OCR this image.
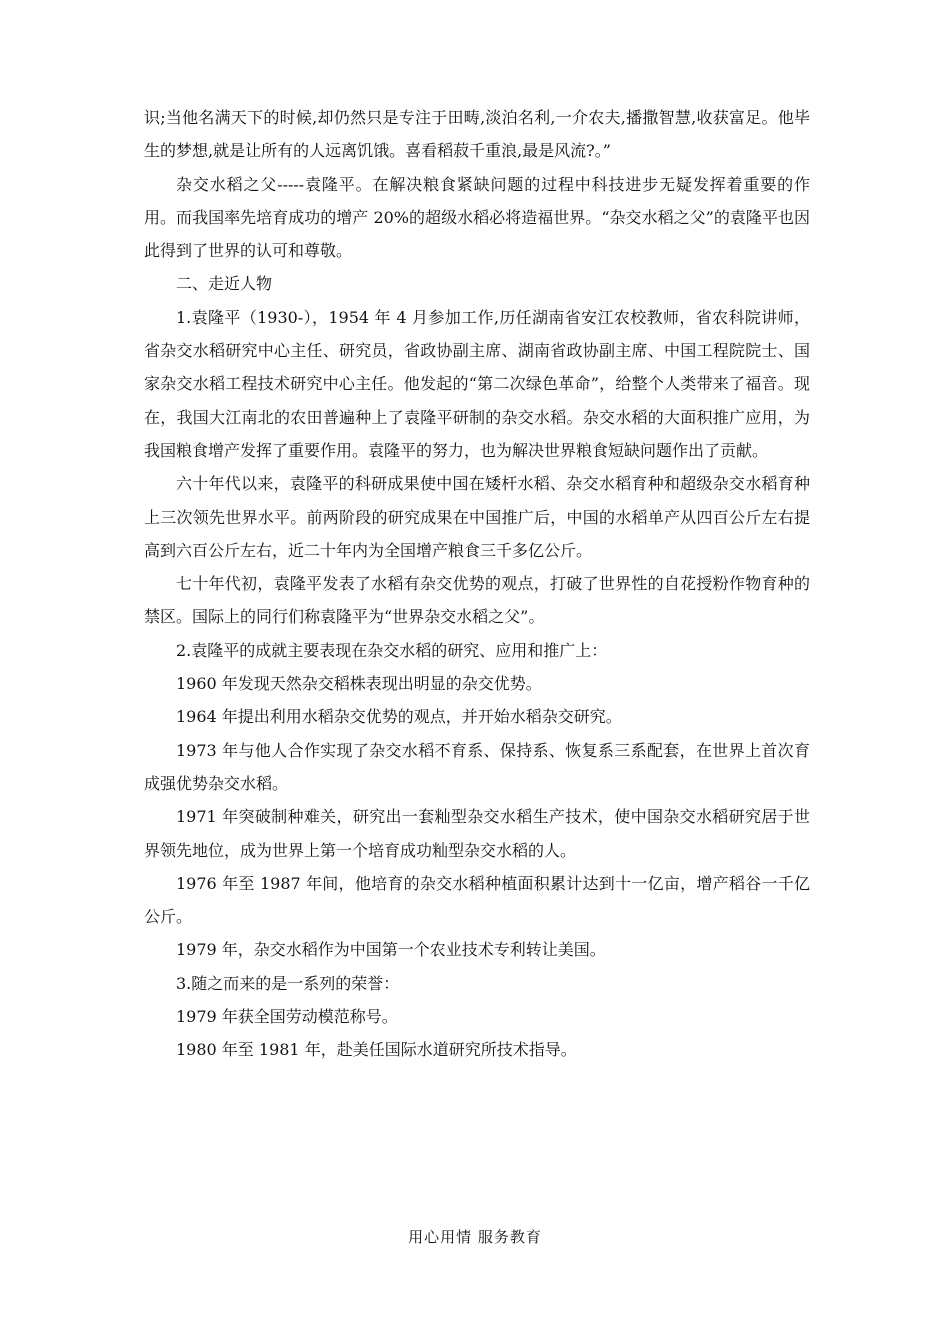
识;当他名满天下的时候,却仍然只是专注于田畴,淡泊名利,一介农夫,播撒智慧,收获富足。他毕生的梦想,就是让所有的人远离饥饿。喜看稻菽千重浪,最是风流?。”

杂交水稻之父-----袁隆平。在解决粮食紧缺问题的过程中科技进步无疑发挥着重要的作用。而我国率先培育成功的增产 20%的超级水稻必将造福世界。“杂交水稻之父”的袁隆平也因此得到了世界的认可和尊敬。

二、走近人物

1.袁隆平（1930-），1954 年 4 月参加工作,历任湖南省安江农校教师，省农科院讲师，省杂交水稻研究中心主任、研究员，省政协副主席、湖南省政协副主席、中国工程院院士、国家杂交水稻工程技术研究中心主任。他发起的“第二次绿色革命”，给整个人类带来了福音。现在，我国大江南北的农田普遍种上了袁隆平研制的杂交水稻。杂交水稻的大面积推广应用，为我国粮食增产发挥了重要作用。袁隆平的努力，也为解决世界粮食短缺问题作出了贡献。

六十年代以来，袁隆平的科研成果使中国在矮杆水稻、杂交水稻育种和超级杂交水稻育种上三次领先世界水平。前两阶段的研究成果在中国推广后，中国的水稻单产从四百公斤左右提高到六百公斤左右，近二十年内为全国增产粮食三千多亿公斤。

七十年代初，袁隆平发表了水稻有杂交优势的观点，打破了世界性的自花授粉作物育种的禁区。国际上的同行们称袁隆平为“世界杂交水稻之父”。

2.袁隆平的成就主要表现在杂交水稻的研究、应用和推广上：

1960 年发现天然杂交稻株表现出明显的杂交优势。

1964 年提出利用水稻杂交优势的观点，并开始水稻杂交研究。

1973 年与他人合作实现了杂交水稻不育系、保持系、恢复系三系配套，在世界上首次育成强优势杂交水稻。

1971 年突破制种难关，研究出一套籼型杂交水稻生产技术，使中国杂交水稻研究居于世界领先地位，成为世界上第一个培育成功籼型杂交水稻的人。

1976 年至 1987 年间，他培育的杂交水稻种植面积累计达到十一亿亩，增产稻谷一千亿公斤。

1979 年，杂交水稻作为中国第一个农业技术专利转让美国。

3.随之而来的是一系列的荣誉：

1979 年获全国劳动模范称号。

1980 年至 1981 年，赴美任国际水道研究所技术指导。

用心用情 服务教育
